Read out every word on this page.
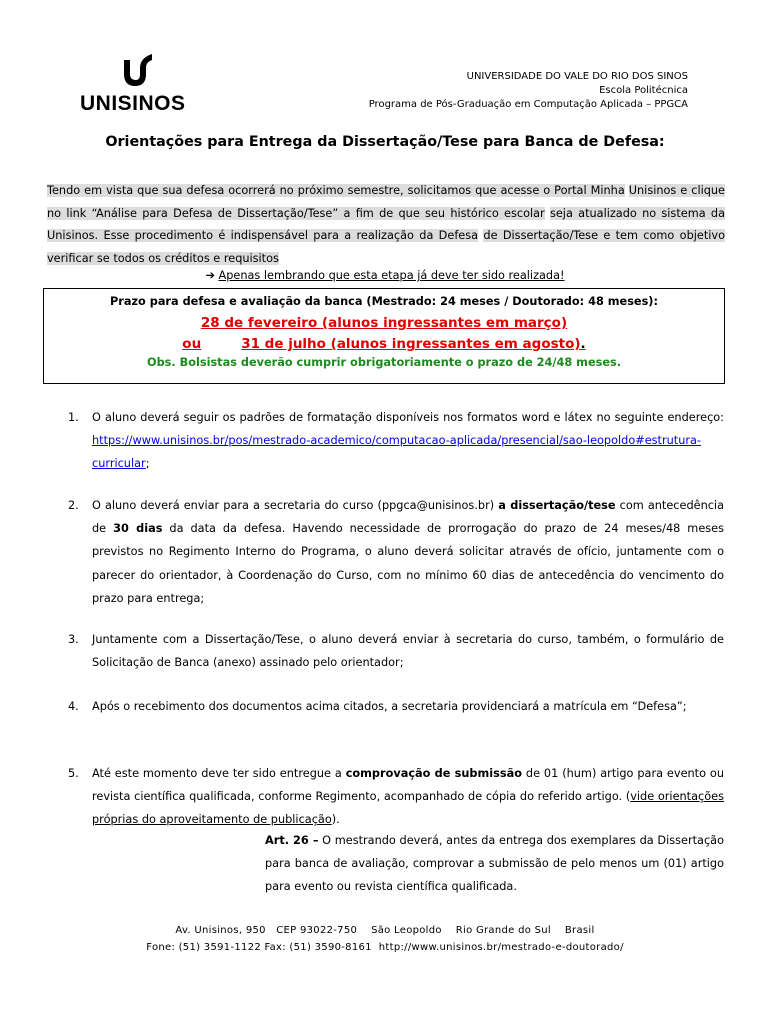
UNISINOS
UNIVERSIDADE DO VALE DO RIO DOS SINOS
Escola Politécnica
Programa de Pós-Graduação em Computação Aplicada – PPGCA
Orientações para Entrega da Dissertação/Tese para Banca de Defesa:
Tendo em vista que sua defesa ocorrerá no próximo semestre, solicitamos que acesse o Portal Minha Unisinos e clique no link “Análise para Defesa de Dissertação/Tese” a fim de que seu histórico escolar seja atualizado no sistema da Unisinos. Esse procedimento é indispensável para a realização da Defesa de Dissertação/Tese e tem como objetivo verificar se todos os créditos e requisitos
➔ Apenas lembrando que esta etapa já deve ter sido realizada!
Prazo para defesa e avaliação da banca (Mestrado: 24 meses / Doutorado: 48 meses):
28 de fevereiro (alunos ingressantes em março)
ou	31 de julho (alunos ingressantes em agosto).
Obs. Bolsistas deverão cumprir obrigatoriamente o prazo de 24/48 meses.
1. O aluno deverá seguir os padrões de formatação disponíveis nos formatos word e látex no seguinte endereço: https://www.unisinos.br/pos/mestrado-academico/computacao-aplicada/presencial/sao-leopoldo#estrutura-curricular;
2. O aluno deverá enviar para a secretaria do curso (ppgca@unisinos.br) a dissertação/tese com antecedência de 30 dias da data da defesa. Havendo necessidade de prorrogação do prazo de 24 meses/48 meses previstos no Regimento Interno do Programa, o aluno deverá solicitar através de ofício, juntamente com o parecer do orientador, à Coordenação do Curso, com no mínimo 60 dias de antecedência do vencimento do prazo para entrega;
3. Juntamente com a Dissertação/Tese, o aluno deverá enviar à secretaria do curso, também, o formulário de Solicitação de Banca (anexo) assinado pelo orientador;
4. Após o recebimento dos documentos acima citados, a secretaria providenciará a matrícula em “Defesa”;
5. Até este momento deve ter sido entregue a comprovação de submissão de 01 (hum) artigo para evento ou revista científica qualificada, conforme Regimento, acompanhado de cópia do referido artigo. (vide orientações próprias do aproveitamento de publicação).
Art. 26 – O mestrando deverá, antes da entrega dos exemplares da Dissertação para banca de avaliação, comprovar a submissão de pelo menos um (01) artigo para evento ou revista científica qualificada.
Av. Unisinos, 950   CEP 93022-750    São Leopoldo    Rio Grande do Sul    Brasil
Fone: (51) 3591-1122 Fax: (51) 3590-8161  http://www.unisinos.br/mestrado-e-doutorado/
